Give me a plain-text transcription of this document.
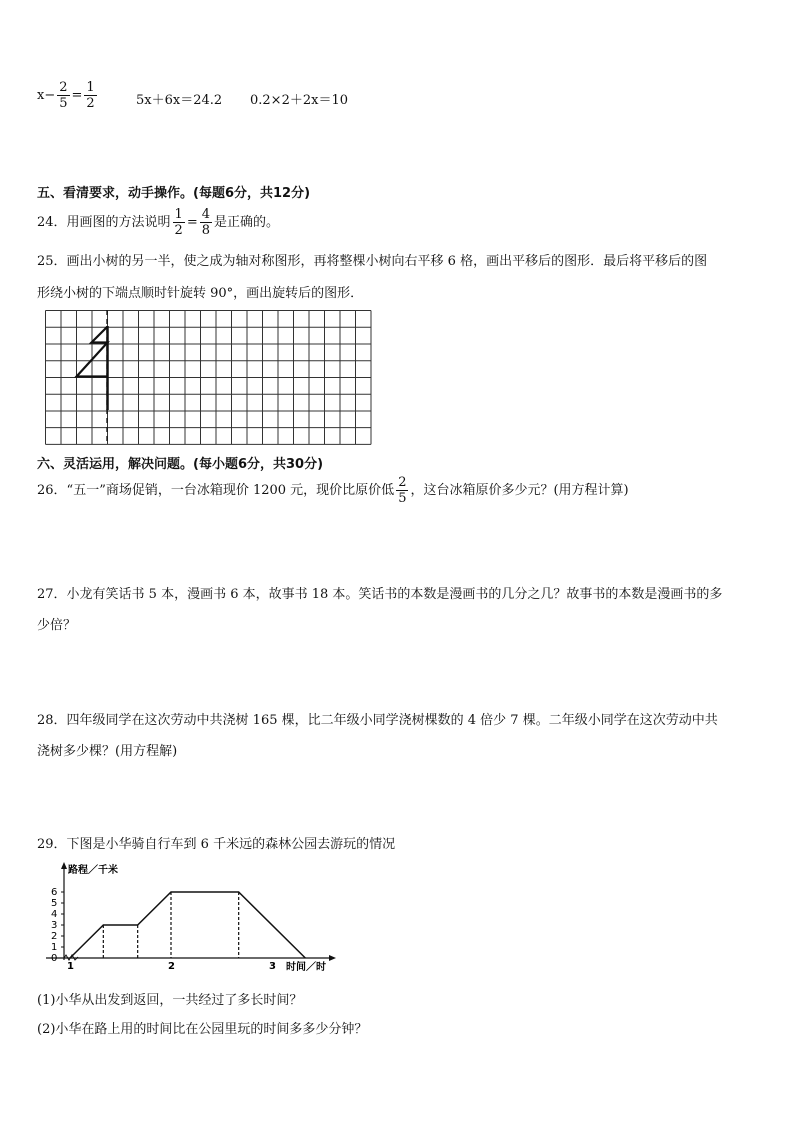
$x- \frac{2}{5} = \frac{1}{2}$	5x＋6x＝24.2 0.2×2＋2x＝10
五、看清要求，动手操作。(每题6分，共12分)
24．用画图的方法说明 $\frac{1}{2} = \frac{4}{8}$ 是正确的。
25．画出小树的另一半，使之成为轴对称图形，再将整棵小树向右平移 6 格，画出平移后的图形．最后将平移后的图
形绕小树的下端点顺时针旋转 90°，画出旋转后的图形．
六、灵活运用，解决问题。(每小题6分，共30分)
26．“五一”商场促销，一台冰箱现价 1200 元，现价比原价低 $\frac{2}{5}$ ，这台冰箱原价多少元？(用方程计算)
27．小龙有笑话书 5 本，漫画书 6 本，故事书 18 本。笑话书的本数是漫画书的几分之几？故事书的本数是漫画书的多
少倍？
28．四年级同学在这次劳动中共浇树 165 棵，比二年级小同学浇树棵数的 4 倍少 7 棵。二年级小同学在这次劳动中共
浇树多少棵？(用方程解)
29．下图是小华骑自行车到 6 千米远的森林公园去游玩的情况
路程／千米
时间／时
0
1
2
3
4
5
6
1	2	3
(1)小华从出发到返回，一共经过了多长时间？
(2)小华在路上用的时间比在公园里玩的时间多多少分钟？
